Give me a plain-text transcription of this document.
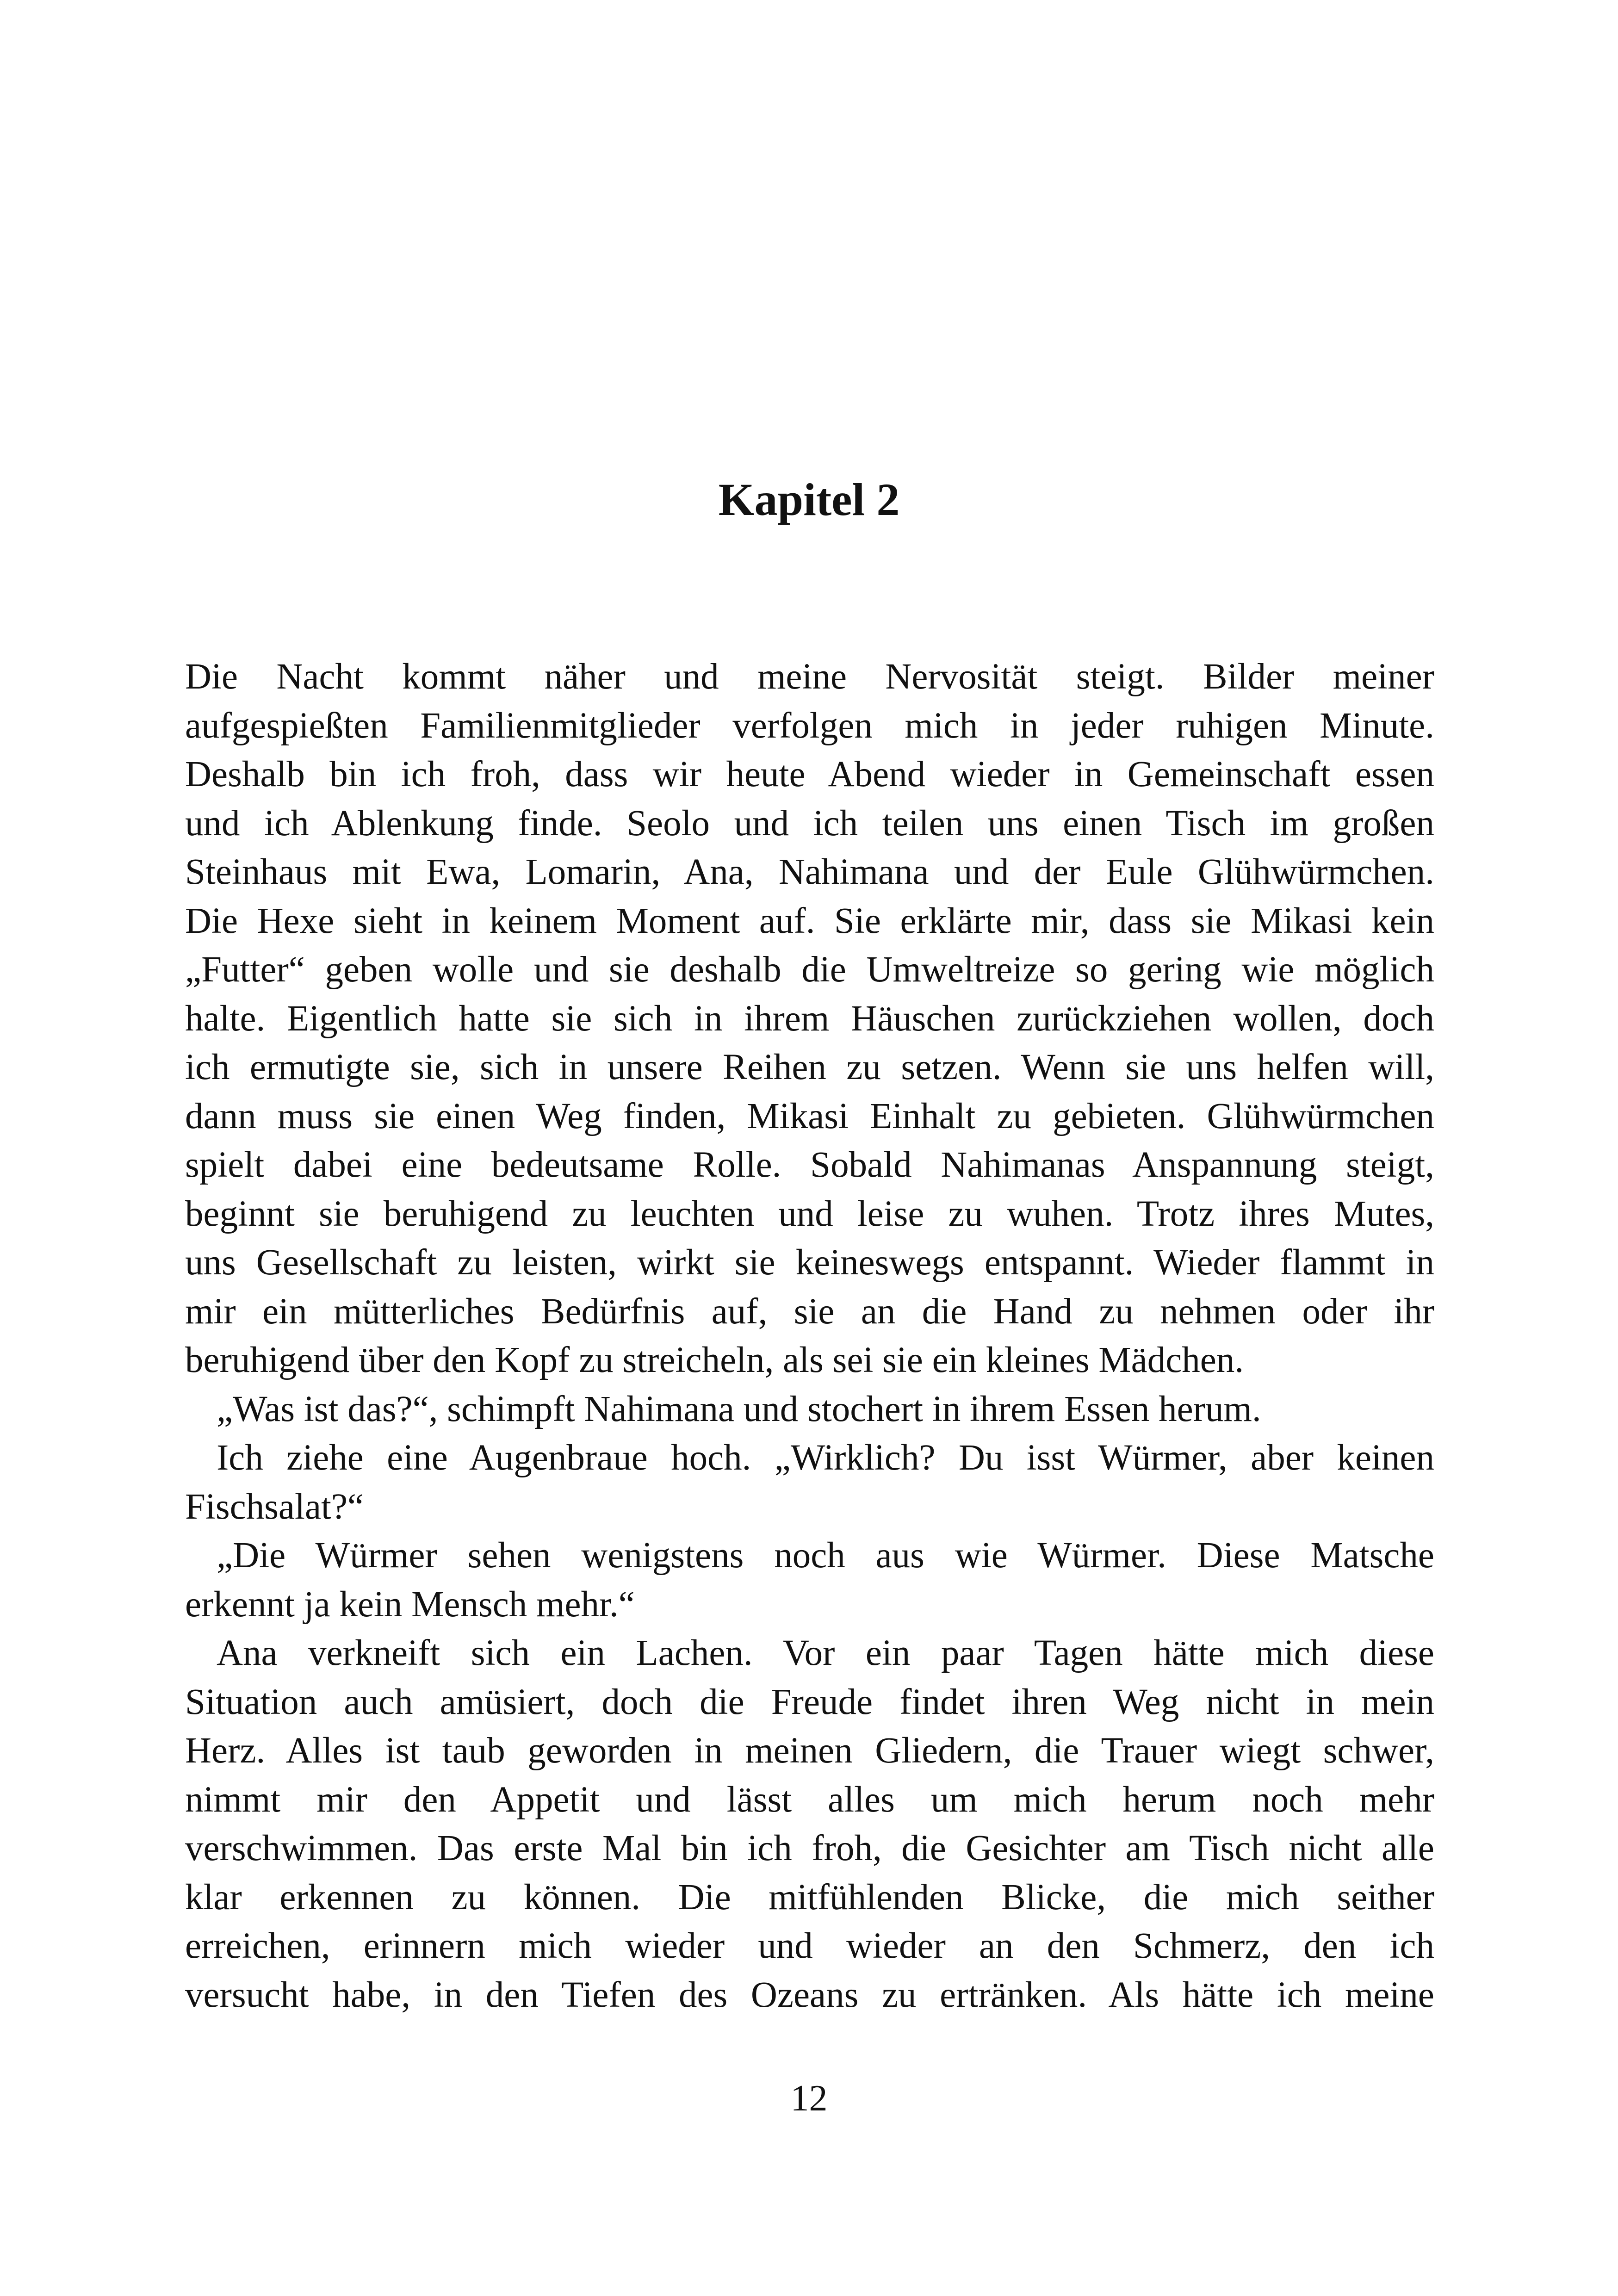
Kapitel 2
Die Nacht kommt näher und meine Nervosität steigt. Bilder meiner
aufgespießten Familienmitglieder verfolgen mich in jeder ruhigen Minute.
Deshalb bin ich froh, dass wir heute Abend wieder in Gemeinschaft essen
und ich Ablenkung finde. Seolo und ich teilen uns einen Tisch im großen
Steinhaus mit Ewa, Lomarin, Ana, Nahimana und der Eule Glühwürmchen.
Die Hexe sieht in keinem Moment auf. Sie erklärte mir, dass sie Mikasi kein
„Futter“ geben wolle und sie deshalb die Umweltreize so gering wie möglich
halte. Eigentlich hatte sie sich in ihrem Häuschen zurückziehen wollen, doch
ich ermutigte sie, sich in unsere Reihen zu setzen. Wenn sie uns helfen will,
dann muss sie einen Weg finden, Mikasi Einhalt zu gebieten. Glühwürmchen
spielt dabei eine bedeutsame Rolle. Sobald Nahimanas Anspannung steigt,
beginnt sie beruhigend zu leuchten und leise zu wuhen. Trotz ihres Mutes,
uns Gesellschaft zu leisten, wirkt sie keineswegs entspannt. Wieder flammt in
mir ein mütterliches Bedürfnis auf, sie an die Hand zu nehmen oder ihr
beruhigend über den Kopf zu streicheln, als sei sie ein kleines Mädchen.
„Was ist das?“, schimpft Nahimana und stochert in ihrem Essen herum.
Ich ziehe eine Augenbraue hoch. „Wirklich? Du isst Würmer, aber keinen
Fischsalat?“
„Die Würmer sehen wenigstens noch aus wie Würmer. Diese Matsche
erkennt ja kein Mensch mehr.“
Ana verkneift sich ein Lachen. Vor ein paar Tagen hätte mich diese
Situation auch amüsiert, doch die Freude findet ihren Weg nicht in mein
Herz. Alles ist taub geworden in meinen Gliedern, die Trauer wiegt schwer,
nimmt mir den Appetit und lässt alles um mich herum noch mehr
verschwimmen. Das erste Mal bin ich froh, die Gesichter am Tisch nicht alle
klar erkennen zu können. Die mitfühlenden Blicke, die mich seither
erreichen, erinnern mich wieder und wieder an den Schmerz, den ich
versucht habe, in den Tiefen des Ozeans zu ertränken. Als hätte ich meine
12
